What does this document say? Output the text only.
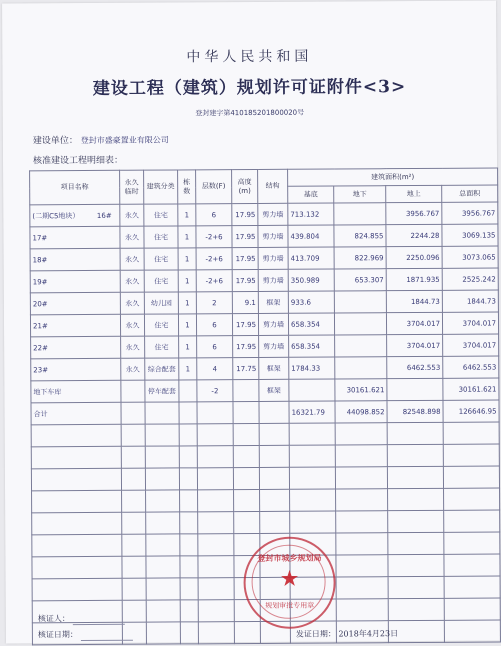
中华人民共和国
建设工程（建筑）规划许可证附件<3>
登封建字第410185201800020号
建设单位： 登封市盛豪置业有限公司
核准建设工程明细表：
项目名称	永久临时	建筑分类	栋数	层数(F)	高度(m)	结构	建筑面积(m²)			
							基底	地下	地上	总面积
(二期C5地块）　　　16#	永久	住宅	1	6	17.95	剪力墙	713.132		3956.767	3956.767
17#	永久	住宅	1	-2+6	17.95	剪力墙	439.804	824.855	2244.28	3069.135
18#	永久	住宅	1	-2+6	17.95	剪力墙	413.709	822.969	2250.096	3073.065
19#	永久	住宅	1	-2+6	17.95	剪力墙	350.989	653.307	1871.935	2525.242
20#	永久	幼儿园	1	2	9.1	框架	933.6		1844.73	1844.73
21#	永久	住宅	1	6	17.95	剪力墙	658.354		3704.017	3704.017
22#	永久	住宅	1	6	17.95	剪力墙	658.354		3704.017	3704.017
23#	永久	综合配套	1	4	17.75	框架	1784.33		6462.553	6462.553
地下车库		停车配套		-2		框架		30161.621		30161.621
合计							16321.79	44098.852	82548.898	126646.95

登封市城乡规划局
★
规划审批专用章
核证人：
核证日期：	发证日期： 2018年4月23日
